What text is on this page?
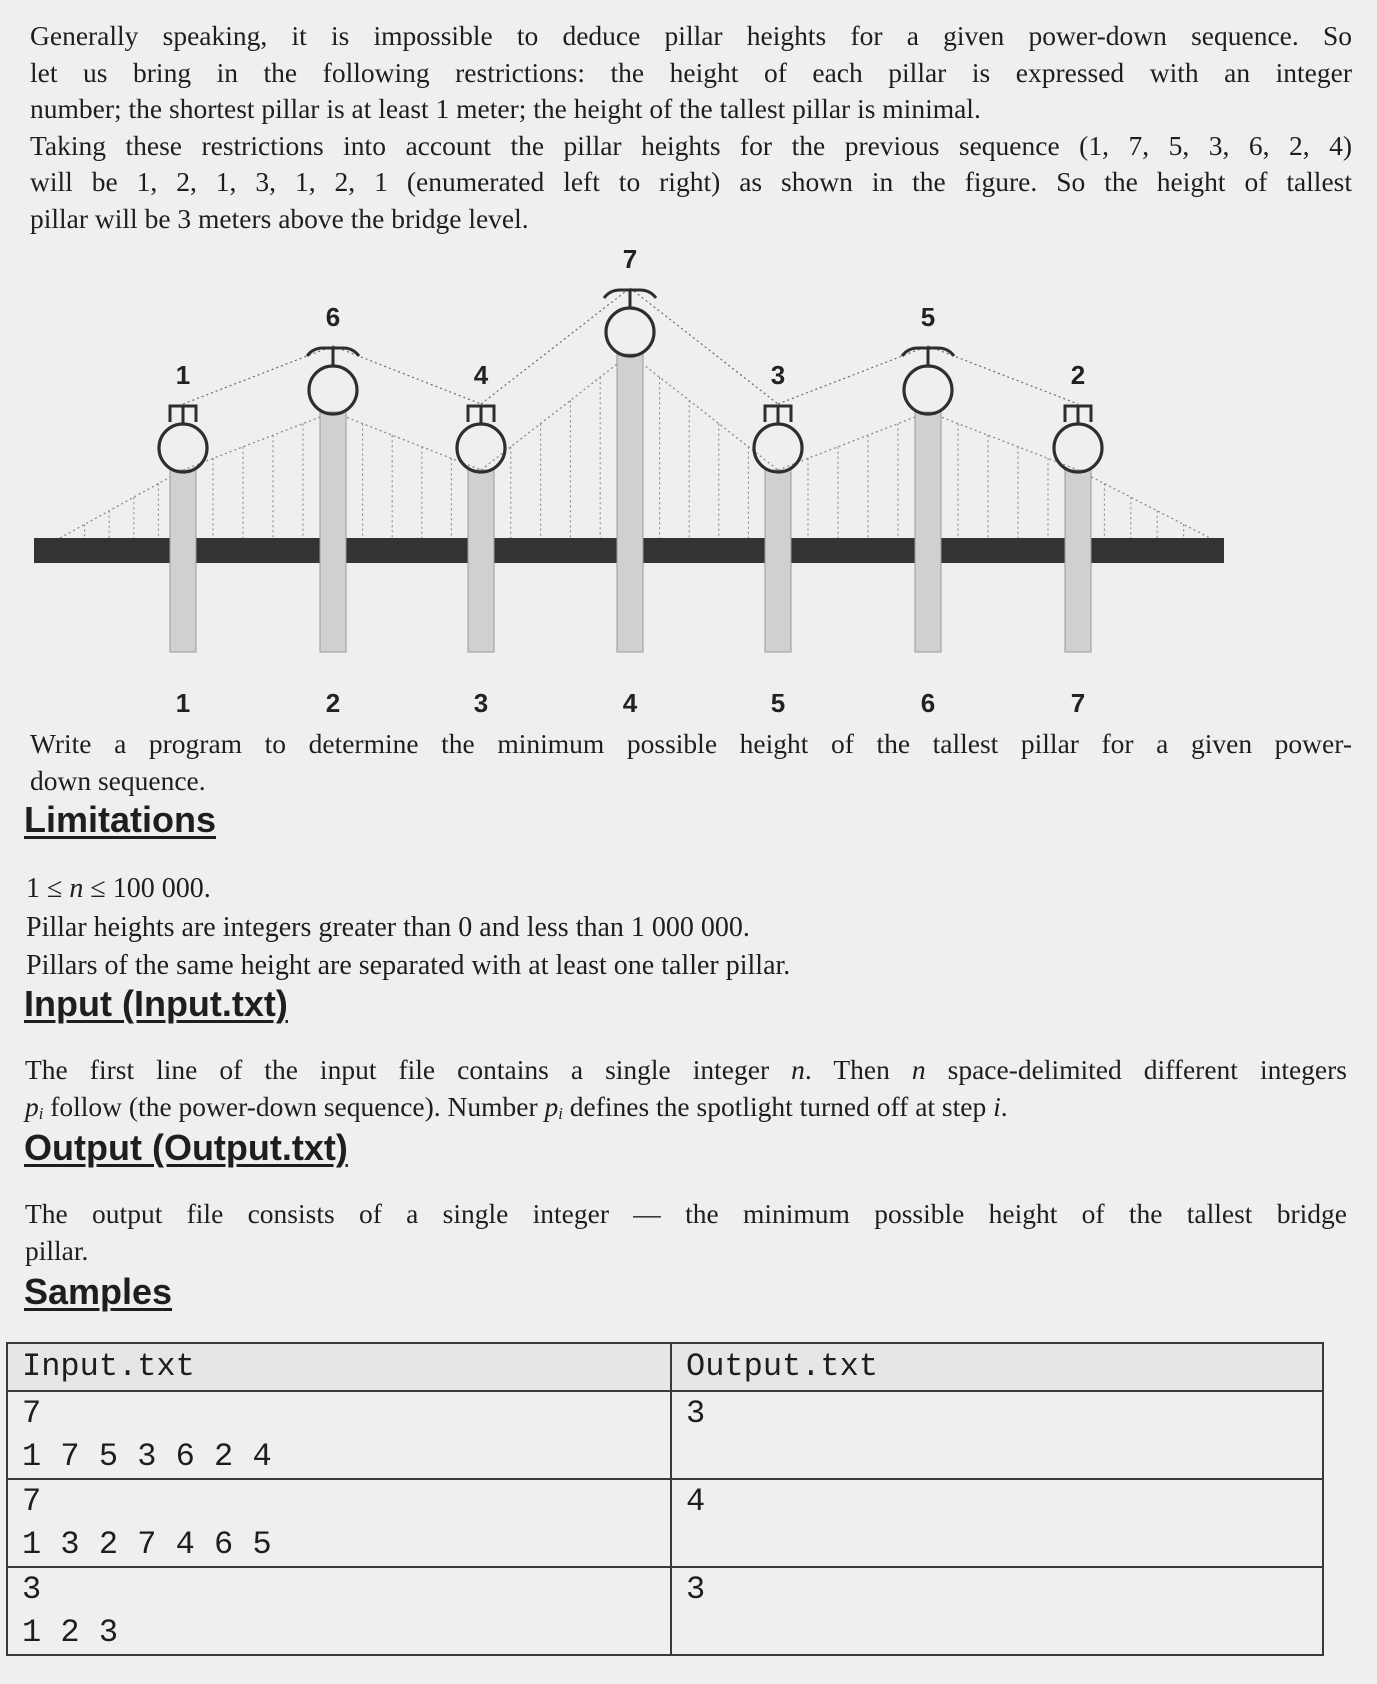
Generally speaking, it is impossible to deduce pillar heights for a given power-down sequence. So
let us bring in the following restrictions: the height of each pillar is expressed with an integer
number; the shortest pillar is at least 1 meter; the height of the tallest pillar is minimal.
Taking these restrictions into account the pillar heights for the previous sequence (1, 7, 5, 3, 6, 2, 4)
will be 1, 2, 1, 3, 1, 2, 1 (enumerated left to right) as shown in the figure. So the height of tallest
pillar will be 3 meters above the bridge level.
1
1
6
2
4
3
7
4
3
5
5
6
2
7
Write a program to determine the minimum possible height of the tallest pillar for a given power-
down sequence.
Limitations
1 ≤ n ≤ 100 000.
Pillar heights are integers greater than 0 and less than 1 000 000.
Pillars of the same height are separated with at least one taller pillar.
Input (Input.txt)
The first line of the input file contains a single integer n. Then n space-delimited different integers
$p_i$ follow (the power-down sequence). Number $p_i$ defines the spotlight turned off at step i.
Output (Output.txt)
The output file consists of a single integer — the minimum possible height of the tallest bridge
pillar.
Samples
Input.txt	Output.txt

7
1 7 5 3 6 2 4	3

7
1 3 2 7 4 6 5	4

3
1 2 3	3
